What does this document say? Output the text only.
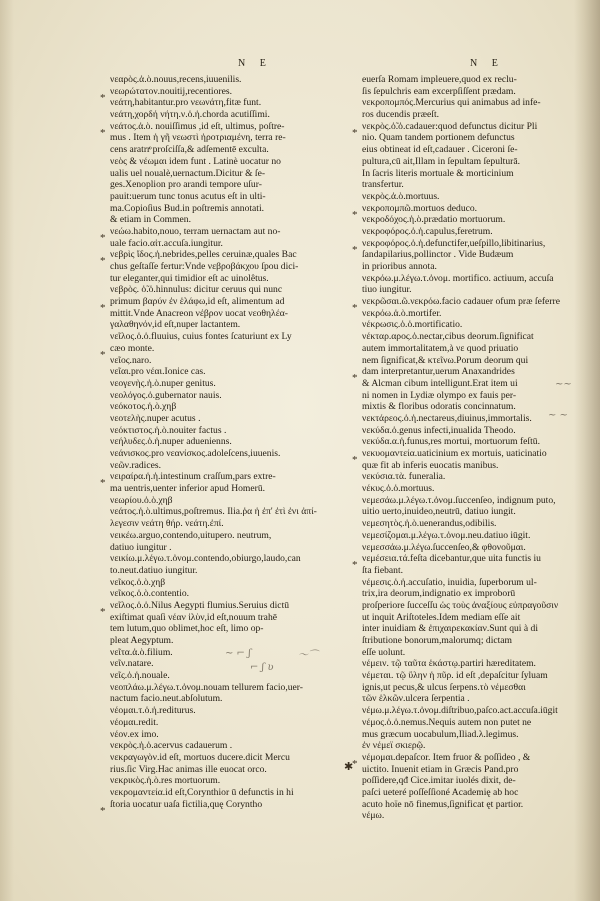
N E	N E
νεαρὸς.ἁ.ὸ.nouus,recens,iuuenilis.
νεωρώτατον.nouitij,recentiores.
νεάτη,habitantur.pro νεωνάτη,fitæ funt.
νεάτη,χορδή νήτη.ν.ὁ.ἡ.chorda acutiſſimi.
νεάτος.ἁ.ὸ. nouiſſimus ,id eſt, ultimus, poſtre-
mus . Item ἡ γῆ νεωστὶ ἠροτριαμένη, terra re-
cens aratrrͦ proſciſſa,& adſementē exculta.
νεὸς & νέωμαι idem funt . Latinè uocatur no
ualis uel noualè,uernactum.Dicitur & ſe-
ges.Xenoplion pro arandi tempore uſur-
pauit:uerum tunc tonus acutus eſt in ulti-
ma.Copioſius Bud.in poſtremis annotati.
& etiam in Commen.
νεώω.habito,nouo, terram uernactam aut no-
uale facio.αἰτ.accuſa.iungitur.
νεβρὶς ἴδος.ἡ.nebrides,pelles ceruinæ,quales Bac
chus geſtaſſe fertur:Vnde νεβροβάκχου ſpou dici-
tur eleganter,qui timidior eſt ac uinolêtus.
νεβρὸς. ὁ̃.ὁ.hinnulus: dicitur ceruus qui nunc
primum βαρύν ἐν ἑλάφω,id eſt, alimentum ad
mittit.Vnde Anacreon νέβρον uocat νεοθηλέα-
γαλαθηνόν,id eſt,nuper lactantem.
νεῖλος.ὁ.ὁ.fluuius, cuius fontes ſcaturiunt ex Ly
cæo monte.
νεῖος.naro.
νεῖαι.pro νέαι.Ionice cas.
νεογενὴς.ἡ.ὸ.nuper genitus.
νεολόγος.ὁ.gubernator nauis.
νεόκοτος.ἡ.ὸ.χηβ
νεοτελὴς.nuper acutus .
νεόκτιστος.ἡ.ὸ.nouiter factus .
νεήλυδες.ὁ.ἡ.nuper aduenienns.
νεάνισκος.pro νεανίσκος.adoleſcens,iuuenis.
νεῶν.radices.
νειραίρα.ἡ.ἡ.intestinum craſſum,pars extre-
ma uentris,uenter inferior apud Homerū.
νεωρίου.ὁ.ὸ.χηβ
νεάτος.ἡ.ὸ.ultimus,poſtremus. Ilia.ῥα ἡ ἐπ' ἐτὶ ἐνι ἀπί-
λεγεσιν νεάτη θήρ. νεάτη.ἐπί.
νεικέω.arguo,contendo,uitupero. neutrum,
datiuo iungitur .
νεικίω.μ.λέγω.τ.ὀνομ.contendo,obiurgo,laudo,can
to.neut.datiuo iungitur.
νεῖκος.ὁ.ὸ.χηβ
νεῖκος.ὁ.ὸ.contentio.
νεῖλος.ὁ.ὁ.Nilus Aegypti flumius.Seruius dictū
exiſtimat quaſi νέαν ἰλὺν,id eſt,nouum trahē
tem lutum,quo oblimet,hoc eſt, limo op-
pleat Aegyptum.
νεῖτα.ἁ.ὸ.filium.
νεῖν.natare.
νεῖς.ὁ.ἡ.nouale.
νεοπλάω.μ.λέγω.τ.ὀνομ.nouam tellurem facio,uer-
nactum facio.neut.abſolutum.
νέομαι.τ.ὁ.ἡ.rediturus.
νέομαι.redit.
νέον.ex imo.
νεκρὸς.ἡ.ὁ.acervus cadauerum .
νεκραγωγὸν.id eſt, mortuos ducere.dicit Mercu
rius.ſic Virg.Hac animas ille euocat orco.
νεκρικὸς.ἡ.ὸ.res mortuorum.
νεκρομαντεία.id eſt,Corynthior ū defunctis in hi
ſtoria uocatur uaſa fictilia,quę Corynthο
euerſa Romam impleuere,quod ex reclu-
ſis ſepulchris eam excerpſiſſent prædam.
νεκροπομπός.Mercurius qui animabus ad infe-
ros ducendis præeſt.
νεκρὸς.ὁ̃.ὁ.cadauer:quod defunctus dicitur Pli
nio. Quam tandem portionem defunctus
eius obtineat id eſt,cadauer . Ciceroni ſe-
pultura,cū ait,Illam in ſepultam ſepulturā.
In ſacris literis mortuale & morticinium
transfertur.
νεκρὸς.ἁ.ὸ.mortuus.
νεκροπομπῶ.mortuos deduco.
νεκροδόχος.ἡ.ὸ.prædatio mortuorum.
νεκροφόρος.ὁ.ἡ.capulus,feretrum.
νεκροφόρος.ὁ.ἡ.defunctifer,ueſpillo,libitinarius,
ſandapilarius,pollinctor . Vide Budæum
in prioribus annota.
νεκρόω.μ.λέγω.τ.ὀνομ. mortifico. actiuum, accuſa
tiuo iungitur.
νεκρῶσαι.ῶ.νεκρόω.facio cadauer ofum præ ſeferre
νεκρόω.ἁ.ὸ.mortifer.
νέκρωσις.ὁ.ὁ.mortificatio.
νέκταρ.αρος.ὁ.nectar,cibus deorum.ſignificat
autem immortalitatem,à νε quod priuatio
nem ſignificat,& κτεῖνω.Porum deorum qui
dam interpretantur,uerum Anaxandrides
& Alcman cibum intelligunt.Erat item ui
ni nomen in Lydiæ olympo ex fauis per-
mixtis & floribus odoratis concinnatum.
νεκτάρεος.ὁ.ἡ.nectareus,diuinus,immortalis.
νεκύδα.ὁ.genus infecti,inualida Theodo.
νεκύδα.α.ἡ.funus,res mortui, mortuorum feſtū.
νεκυομαντεία.uaticinium ex mortuis, uaticinatio
quæ fit ab inferis euocatis manibus.
νεκύσια.τὰ. funeralia.
νέκυς.ὁ.ὁ.mortuus.
νεμεσάω.μ.λέγω.τ.ὀνομ.ſuccenſeo, indignum puto,
uitio uerto,inuideo,neutrū, datiuo iungit.
νεμεσητὸς.ἡ.ὸ.uenerandus,odibilis.
νεμεσίζομαι.μ.λέγω.τ.ὀνομ.neu.datiuo iūgit.
νεμεσσάω.μ.λέγω.ſuccenſeo,& φθονοῦμαι.
νεμέσεια.τά.feſta dicebantur,que uita functis iu
ſta fiebant.
νέμεσις.ὁ.ἡ.accuſatio, inuidia, ſuperborum ul-
trix,ira deorum,indignatio ex improborū
proſperiore ſucceſſu ὡς τοὺς ἀναξίους εὐπραγοῦσιν
ut inquit Ariſtoteles.Idem mediam eſſe ait
inter inuidiam & ἐπιχαιρεκακίαν.Sunt qui à di
ſtributione bonorum,malorumq; dictam
eſſe uolunt.
νέμειν. τῷ ταῦτα ἑκάστῳ.partiri hæreditatem.
νέμεται. τῷ ὕλην ἡ πῦρ. id eſt ,depaſcitur ſyluam
ignis,ut pecus,& ulcus ſerpens.τὸ νέμεσθαι
τῶν ἑλκῶν.ulcera ſerpentia .
νέμω.μ.λέγω.τ.ὀνομ.diſtribuo,paſco.act.accuſa.iūgit
νέμος.ὁ.ὁ.nemus.Nequis autem non putet ne
mus græcum uocabulum,Iliad.λ.legimus.
ἐν νέμεϊ σκιερῷ.
νέμομαι.depaſcor. Item fruor & poſſideo , &
uictito. Inuenit etiam in Græcis Pand.pro
poſſidere,qđ Cice.imitar iuolés dixit, de-
paſci ueteré poſſeſſioné Academię ab hoc
acuto hoïe nō finemus,ſignificat ęt partior.
νέμω.
∼ ⌐ ʃ
⌐ ʃ ʋ
〜⌒
~~
~ ~
✱
